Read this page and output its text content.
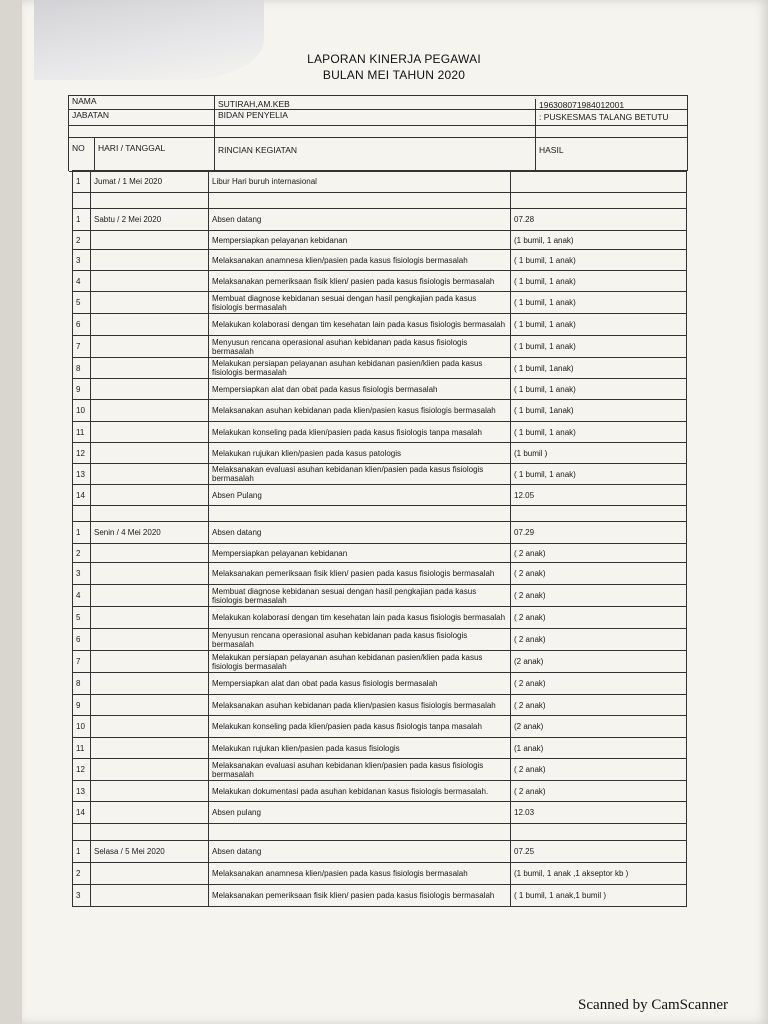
LAPORAN KINERJA PEGAWAI
BULAN MEI TAHUN 2020
NAMA	SUTIRAH,AM.KEB	196308071984012001
JABATAN	BIDAN PENYELIA	: PUSKESMAS TALANG BETUTU
NO	HARI / TANGGAL	RINCIAN KEGIATAN	HASIL
1	Jumat / 1 Mei 2020	Libur Hari buruh internasional	

1	Sabtu / 2 Mei 2020	Absen datang	07.28
2		Mempersiapkan pelayanan kebidanan	(1 bumil, 1 anak)
3		Melaksanakan anamnesa klien/pasien pada kasus fisiologis bermasalah	( 1 bumil, 1 anak)
4		Melaksanakan pemeriksaan fisik klien/ pasien pada kasus fisiologis bermasalah	( 1 bumil, 1 anak)
5		Membuat diagnose kebidanan sesuai dengan hasil pengkajian pada kasus fisiologis bermasalah	( 1 bumil, 1 anak)
6		Melakukan kolaborasi dengan tim kesehatan lain pada kasus fisiologis bermasalah	( 1 bumil, 1 anak)
7		Menyusun rencana operasional asuhan kebidanan pada kasus fisiologis bermasalah	( 1 bumil, 1 anak)
8		Melakukan persiapan pelayanan asuhan kebidanan pasien/klien pada kasus fisiologis bermasalah	( 1 bumil, 1anak)
9		Mempersiapkan alat dan obat pada kasus fisiologis bermasalah	( 1 bumil, 1 anak)
10		Melaksanakan asuhan kebidanan pada klien/pasien kasus fisiologis bermasalah	( 1 bumil, 1anak)
11		Melakukan konseling pada klien/pasien pada kasus fisiologis tanpa masalah	( 1 bumil, 1 anak)
12		Melakukan rujukan klien/pasien pada kasus patologis	(1 bumil )
13		Melaksanakan evaluasi asuhan kebidanan klien/pasien pada kasus fisiologis bermasalah	( 1 bumil, 1 anak)
14		Absen Pulang	12.05

1	Senin / 4 Mei 2020	Absen datang	07.29
2		Mempersiapkan pelayanan kebidanan	( 2 anak)
3		Melaksanakan pemeriksaan fisik klien/ pasien pada kasus fisiologis bermasalah	( 2 anak)
4		Membuat diagnose kebidanan sesuai dengan hasil pengkajian pada kasus fisiologis bermasalah	( 2 anak)
5		Melakukan kolaborasi dengan tim kesehatan lain pada kasus fisiologis bermasalah	( 2 anak)
6		Menyusun rencana operasional asuhan kebidanan pada kasus fisiologis bermasalah	( 2 anak)
7		Melakukan persiapan pelayanan asuhan kebidanan pasien/klien pada kasus fisiologis bermasalah	(2 anak)
8		Mempersiapkan alat dan obat pada kasus fisiologis bermasalah	( 2 anak)
9		Melaksanakan asuhan kebidanan pada klien/pasien kasus fisiologis bermasalah	( 2 anak)
10		Melakukan konseling pada klien/pasien pada kasus fisiologis tanpa masalah	(2 anak)
11		Melakukan rujukan klien/pasien pada kasus fisiologis	(1 anak)
12		Melaksanakan evaluasi asuhan kebidanan klien/pasien pada kasus fisiologis bermasalah	( 2 anak)
13		Melakukan dokumentasi pada asuhan kebidanan kasus fisiologis bermasalah.	( 2 anak)
14		Absen pulang	12.03

1	Selasa / 5 Mei 2020	Absen datang	07.25
2		Melaksanakan anamnesa klien/pasien pada kasus fisiologis bermasalah	(1 bumil, 1 anak ,1 akseptor kb )
3		Melaksanakan pemeriksaan fisik klien/ pasien pada kasus fisiologis bermasalah	( 1 bumil, 1 anak,1 bumil )
Scanned by CamScanner
